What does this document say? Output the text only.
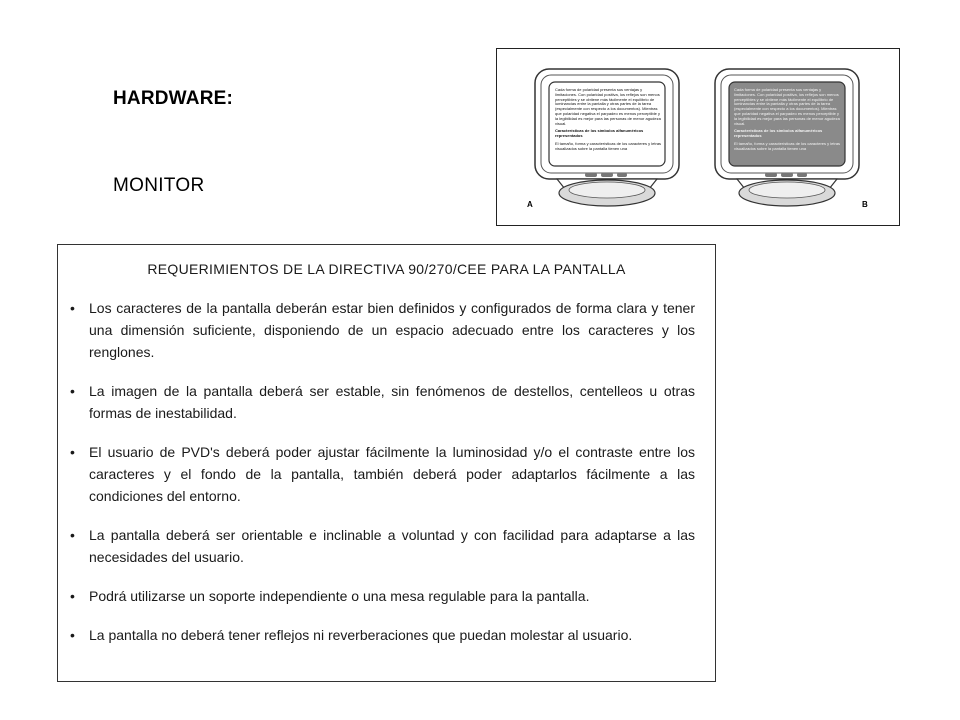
HARDWARE:
MONITOR

Cada forma de polaridad presenta sus ventajas y limitaciones. Con polaridad positiva, los reflejos son menos perceptibles y se obtiene más fácilmente el equilibrio de luminancias entre la pantalla y otras partes de la tarea (especialmente con respecto a los documentos). Mientras que polaridad negativa el parpadeo es menos perceptible y la legibilidad es mejor para las personas de menor agudeza visual.

Características de los símbolos alfanuméricos representados

El tamaño, forma y características de los caracteres y letras visualizados sobre la pantalla tienen una

Cada forma de polaridad presenta sus ventajas y limitaciones. Con polaridad positiva, los reflejos son menos perceptibles y se obtiene más fácilmente el equilibrio de luminancias entre la pantalla y otras partes de la tarea (especialmente con respecto a los documentos). Mientras que polaridad negativa el parpadeo es menos perceptible y la legibilidad es mejor para las personas de menor agudeza visual.

Características de los símbolos alfanuméricos representados

El tamaño, forma y características de los caracteres y letras visualizados sobre la pantalla tienen una

A	B
REQUERIMIENTOS DE LA DIRECTIVA 90/270/CEE PARA LA PANTALLA
• Los caracteres de la pantalla deberán estar bien definidos y configurados de forma clara y tener una dimensión suficiente, disponiendo de un espacio adecuado entre los caracteres y los renglones.
• La imagen de la pantalla deberá ser estable, sin fenómenos de destellos, centelleos u otras formas de inestabilidad.
• El usuario de PVD's deberá poder ajustar fácilmente la luminosidad y/o el contraste entre los caracteres y el fondo de la pantalla, también deberá poder adaptarlos fácilmente a las condiciones del entorno.
• La pantalla deberá ser orientable e inclinable a voluntad y con facilidad para adaptarse a las necesidades del usuario.
• Podrá utilizarse un soporte independiente o una mesa regulable para la pantalla.
• La pantalla no deberá tener reflejos ni reverberaciones que puedan molestar al usuario.
